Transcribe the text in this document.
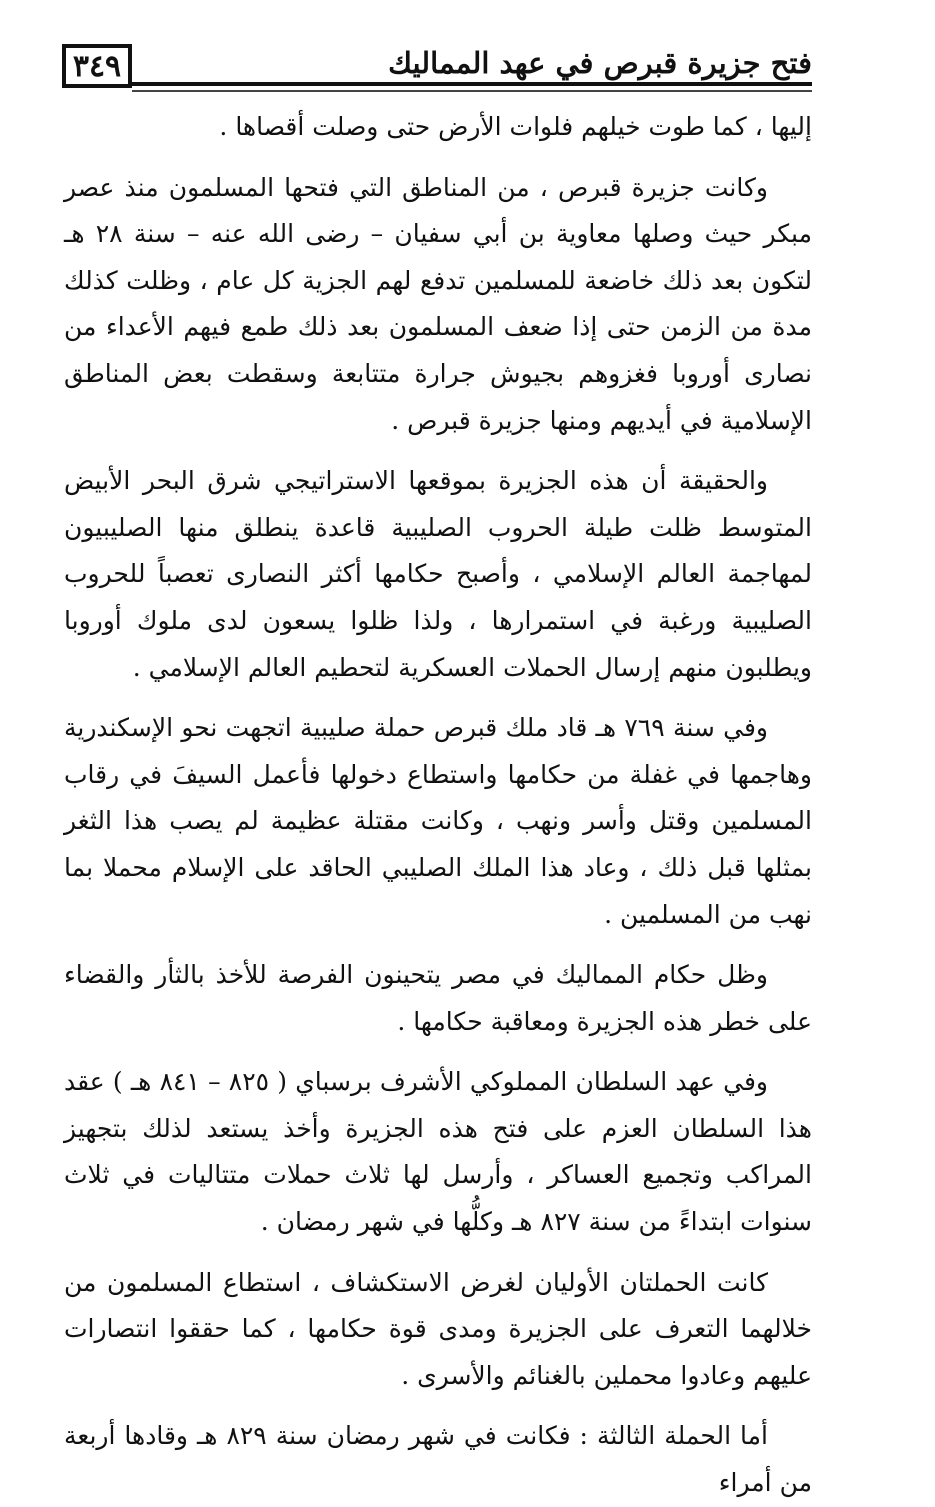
٣٤٩	فتح جزيرة قبرص في عهد المماليك

إليها ، كما طوت خيلهم فلوات الأرض حتى وصلت أقصاها .

وكانت جزيرة قبرص ، من المناطق التي فتحها المسلمون منذ عصر مبكر حيث وصلها معاوية بن أبي سفيان – رضى الله عنه – سنة ٢٨ هـ لتكون بعد ذلك خاضعة للمسلمين تدفع لهم الجزية كل عام ، وظلت كذلك مدة من الزمن حتى إذا ضعف المسلمون بعد ذلك طمع فيهم الأعداء من نصارى أوروبا فغزوهم بجيوش جرارة متتابعة وسقطت بعض المناطق الإسلامية في أيديهم ومنها جزيرة قبرص .

والحقيقة أن هذه الجزيرة بموقعها الاستراتيجي شرق البحر الأبيض المتوسط ظلت طيلة الحروب الصليبية قاعدة ينطلق منها الصليبيون لمهاجمة العالم الإسلامي ، وأصبح حكامها أكثر النصارى تعصباً للحروب الصليبية ورغبة في استمرارها ، ولذا ظلوا يسعون لدى ملوك أوروبا ويطلبون منهم إرسال الحملات العسكرية لتحطيم العالم الإسلامي .

وفي سنة ٧٦٩ هـ قاد ملك قبرص حملة صليبية اتجهت نحو الإسكندرية وهاجمها في غفلة من حكامها واستطاع دخولها فأعمل السيفَ في رقاب المسلمين وقتل وأسر ونهب ، وكانت مقتلة عظيمة لم يصب هذا الثغر بمثلها قبل ذلك ، وعاد هذا الملك الصليبي الحاقد على الإسلام محملا بما نهب من المسلمين .

وظل حكام المماليك في مصر يتحينون الفرصة للأخذ بالثأر والقضاء على خطر هذه الجزيرة ومعاقبة حكامها .

وفي عهد السلطان المملوكي الأشرف برسباي ( ٨٢٥ – ٨٤١ هـ ) عقد هذا السلطان العزم على فتح هذه الجزيرة وأخذ يستعد لذلك بتجهيز المراكب وتجميع العساكر ، وأرسل لها ثلاث حملات متتاليات في ثلاث سنوات ابتداءً من سنة ٨٢٧ هـ وكلُّها في شهر رمضان .

كانت الحملتان الأوليان لغرض الاستكشاف ، استطاع المسلمون من خلالهما التعرف على الجزيرة ومدى قوة حكامها ، كما حققوا انتصارات عليهم وعادوا محملين بالغنائم والأسرى .

أما الحملة الثالثة : فكانت في شهر رمضان سنة ٨٢٩ هـ وقادها أربعة من أمراء
